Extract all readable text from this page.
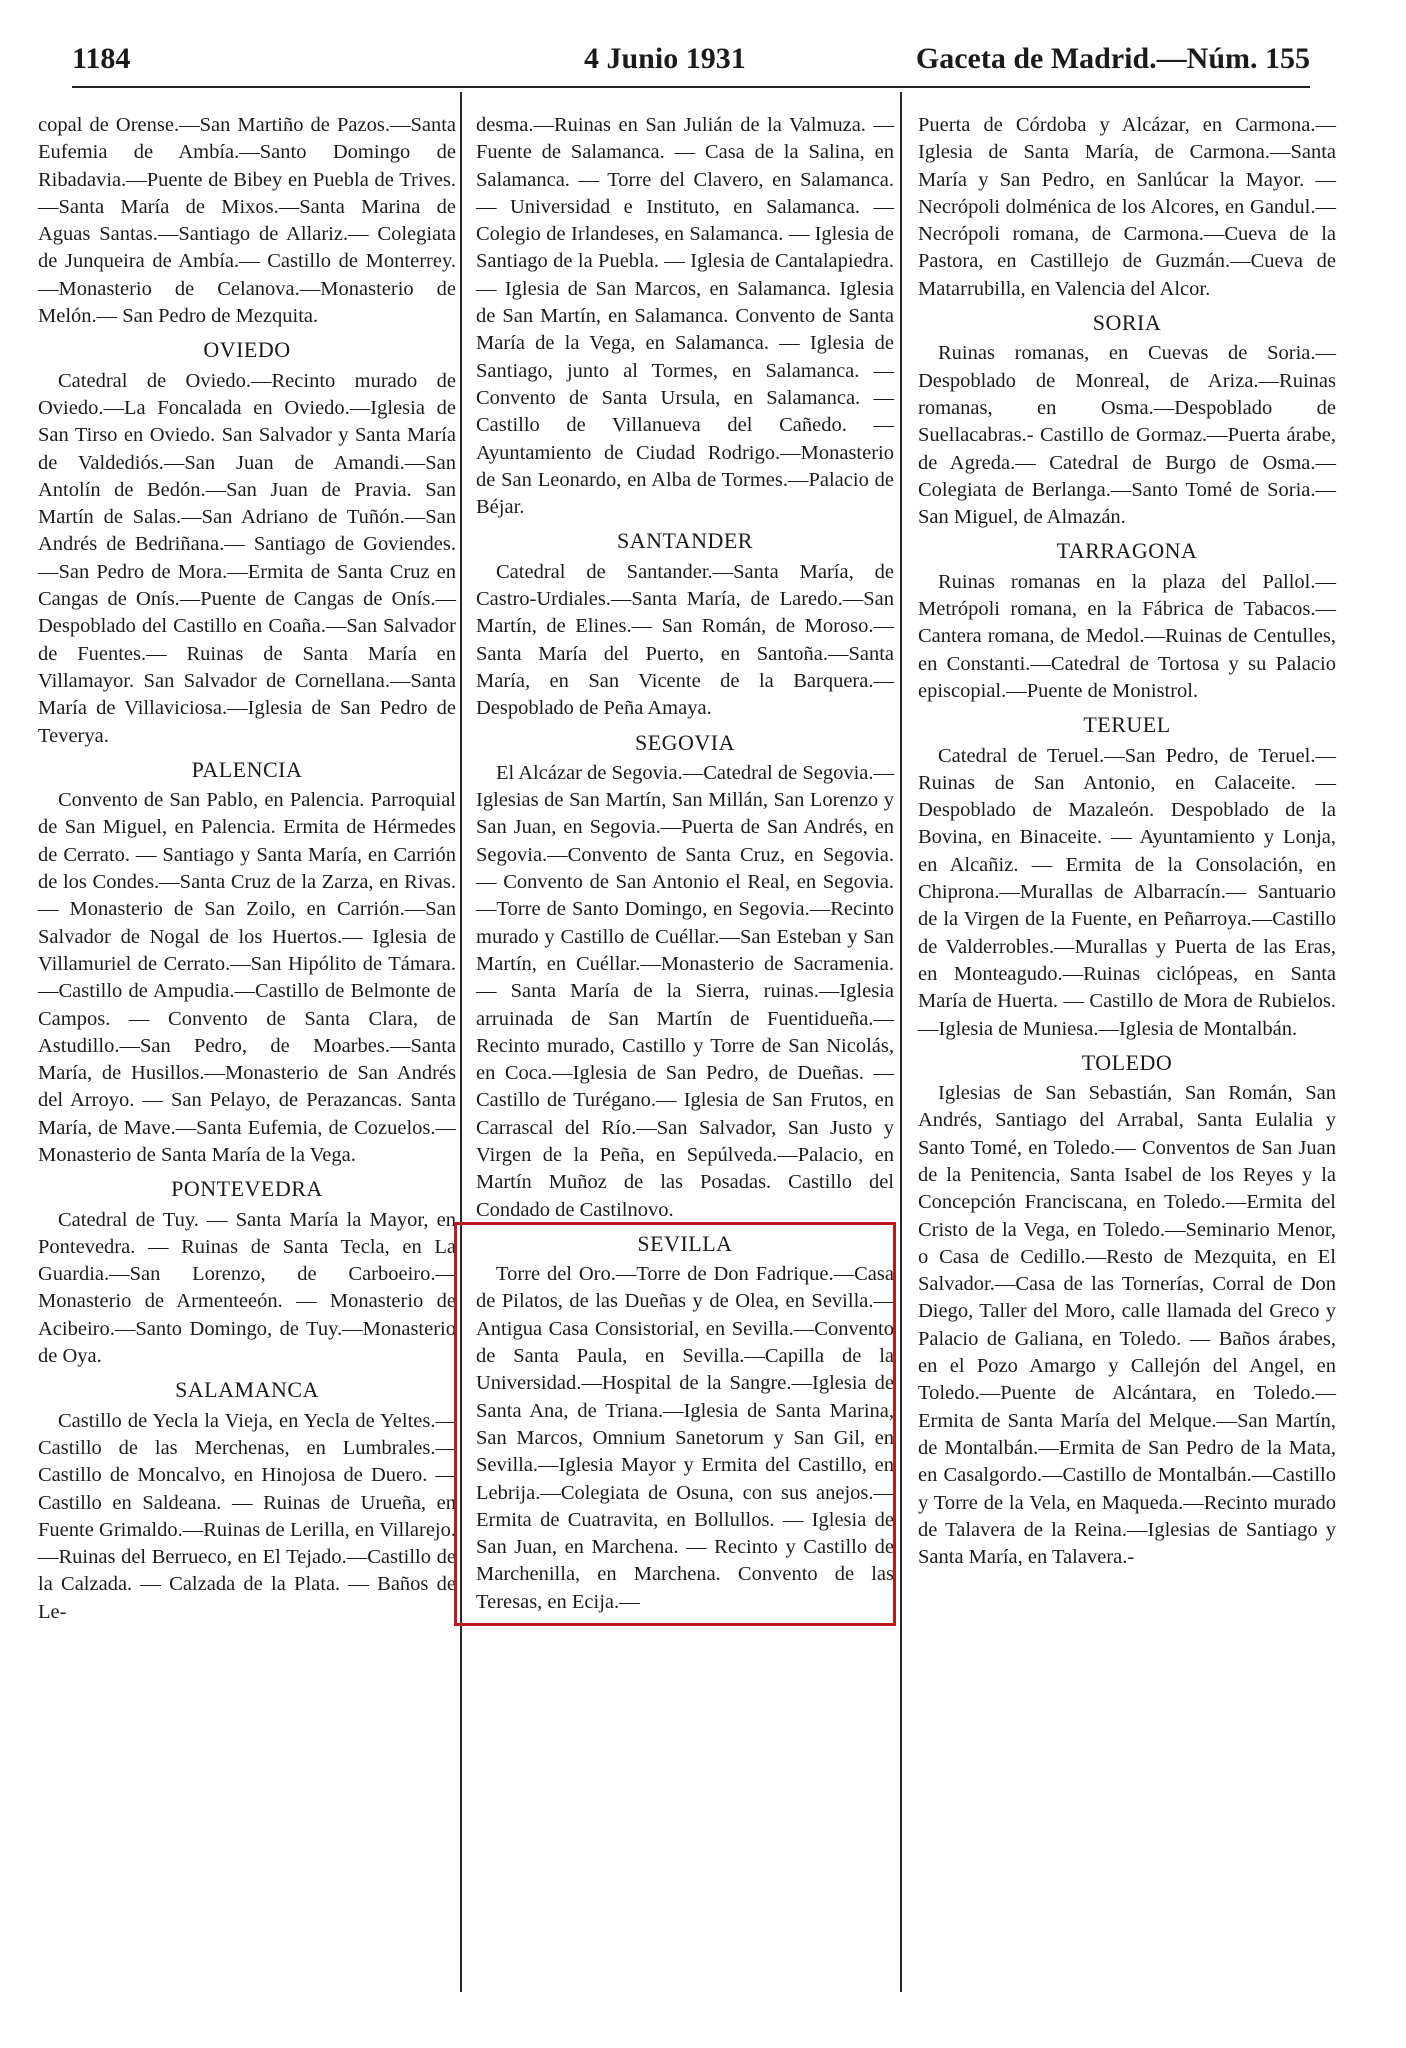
1184	4 Junio 1931	Gaceta de Madrid.—Núm. 155
copal de Orense.—San Martiño de Pazos.—Santa Eufemia de Ambía.—Santo Domingo de Ribadavia.—Puente de Bibey en Puebla de Trives.—Santa María de Mixos.—Santa Marina de Aguas Santas.—Santiago de Allariz.— Colegiata de Junqueira de Ambía.— Castillo de Monterrey.—Monasterio de Celanova.—Monasterio de Melón.— San Pedro de Mezquita.
OVIEDO
Catedral de Oviedo.—Recinto murado de Oviedo.—La Foncalada en Oviedo.—Iglesia de San Tirso en Oviedo. San Salvador y Santa María de Valdediós.—San Juan de Amandi.—San Antolín de Bedón.—San Juan de Pravia. San Martín de Salas.—San Adriano de Tuñón.—San Andrés de Bedriñana.— Santiago de Goviendes.—San Pedro de Mora.—Ermita de Santa Cruz en Cangas de Onís.—Puente de Cangas de Onís.—Despoblado del Castillo en Coaña.—San Salvador de Fuentes.— Ruinas de Santa María en Villamayor. San Salvador de Cornellana.—Santa María de Villaviciosa.—Iglesia de San Pedro de Teverya.
PALENCIA
Convento de San Pablo, en Palencia. Parroquial de San Miguel, en Palencia. Ermita de Hérmedes de Cerrato. — Santiago y Santa María, en Carrión de los Condes.—Santa Cruz de la Zarza, en Rivas.— Monasterio de San Zoilo, en Carrión.—San Salvador de Nogal de los Huertos.— Iglesia de Villamuriel de Cerrato.—San Hipólito de Támara.—Castillo de Ampudia.—Castillo de Belmonte de Campos. — Convento de Santa Clara, de Astudillo.—San Pedro, de Moarbes.—Santa María, de Husillos.—Monasterio de San Andrés del Arroyo. — San Pelayo, de Perazancas. Santa María, de Mave.—Santa Eufemia, de Cozuelos.—Monasterio de Santa María de la Vega.
PONTEVEDRA
Catedral de Tuy. — Santa María la Mayor, en Pontevedra. — Ruinas de Santa Tecla, en La Guardia.—San Lorenzo, de Carboeiro.— Monasterio de Armenteeón. — Monasterio de Acibeiro.—Santo Domingo, de Tuy.—Monasterio de Oya.
SALAMANCA
Castillo de Yecla la Vieja, en Yecla de Yeltes.—Castillo de las Merchenas, en Lumbrales.—Castillo de Moncalvo, en Hinojosa de Duero. — Castillo en Saldeana. — Ruinas de Urueña, en Fuente Grimaldo.—Ruinas de Lerilla, en Villarejo.—Ruinas del Berrueco, en El Tejado.—Castillo de la Calzada. — Calzada de la Plata. — Baños de Le-
desma.—Ruinas en San Julián de la Valmuza. — Fuente de Salamanca. — Casa de la Salina, en Salamanca. — Torre del Clavero, en Salamanca. — Universidad e Instituto, en Salamanca. — Colegio de Irlandeses, en Salamanca. — Iglesia de Santiago de la Puebla. — Iglesia de Cantalapiedra. — Iglesia de San Marcos, en Salamanca. Iglesia de San Martín, en Salamanca. Convento de Santa María de la Vega, en Salamanca. — Iglesia de Santiago, junto al Tormes, en Salamanca. — Convento de Santa Ursula, en Salamanca. — Castillo de Villanueva del Cañedo. — Ayuntamiento de Ciudad Rodrigo.—Monasterio de San Leonardo, en Alba de Tormes.—Palacio de Béjar.
SANTANDER
Catedral de Santander.—Santa María, de Castro-Urdiales.—Santa María, de Laredo.—San Martín, de Elines.— San Román, de Moroso.—Santa María del Puerto, en Santoña.—Santa María, en San Vicente de la Barquera.—Despoblado de Peña Amaya.
SEGOVIA
El Alcázar de Segovia.—Catedral de Segovia.—Iglesias de San Martín, San Millán, San Lorenzo y San Juan, en Segovia.—Puerta de San Andrés, en Segovia.—Convento de Santa Cruz, en Segovia. — Convento de San Antonio el Real, en Segovia.—Torre de Santo Domingo, en Segovia.—Recinto murado y Castillo de Cuéllar.—San Esteban y San Martín, en Cuéllar.—Monasterio de Sacramenia. — Santa María de la Sierra, ruinas.—Iglesia arruinada de San Martín de Fuentidueña.—Recinto murado, Castillo y Torre de San Nicolás, en Coca.—Iglesia de San Pedro, de Dueñas. — Castillo de Turégano.— Iglesia de San Frutos, en Carrascal del Río.—San Salvador, San Justo y Virgen de la Peña, en Sepúlveda.—Palacio, en Martín Muñoz de las Posadas. Castillo del Condado de Castilnovo.
SEVILLA
Torre del Oro.—Torre de Don Fadrique.—Casa de Pilatos, de las Dueñas y de Olea, en Sevilla.—Antigua Casa Consistorial, en Sevilla.—Convento de Santa Paula, en Sevilla.—Capilla de la Universidad.—Hospital de la Sangre.—Iglesia de Santa Ana, de Triana.—Iglesia de Santa Marina, San Marcos, Omnium Sanetorum y San Gil, en Sevilla.—Iglesia Mayor y Ermita del Castillo, en Lebrija.—Colegiata de Osuna, con sus anejos.—Ermita de Cuatravita, en Bollullos. — Iglesia de San Juan, en Marchena. — Recinto y Castillo de Marchenilla, en Marchena. Convento de las Teresas, en Ecija.—
Puerta de Córdoba y Alcázar, en Carmona.—Iglesia de Santa María, de Carmona.—Santa María y San Pedro, en Sanlúcar la Mayor. — Necrópoli dolménica de los Alcores, en Gandul.— Necrópoli romana, de Carmona.—Cueva de la Pastora, en Castillejo de Guzmán.—Cueva de Matarrubilla, en Valencia del Alcor.
SORIA
Ruinas romanas, en Cuevas de Soria.—Despoblado de Monreal, de Ariza.—Ruinas romanas, en Osma.—Despoblado de Suellacabras.- Castillo de Gormaz.—Puerta árabe, de Agreda.— Catedral de Burgo de Osma.—Colegiata de Berlanga.—Santo Tomé de Soria.—San Miguel, de Almazán.
TARRAGONA
Ruinas romanas en la plaza del Pallol.—Metrópoli romana, en la Fábrica de Tabacos.—Cantera romana, de Medol.—Ruinas de Centulles, en Constanti.—Catedral de Tortosa y su Palacio episcopial.—Puente de Monistrol.
TERUEL
Catedral de Teruel.—San Pedro, de Teruel.—Ruinas de San Antonio, en Calaceite. — Despoblado de Mazaleón. Despoblado de la Bovina, en Binaceite. — Ayuntamiento y Lonja, en Alcañiz. — Ermita de la Consolación, en Chiprona.—Murallas de Albarracín.— Santuario de la Virgen de la Fuente, en Peñarroya.—Castillo de Valderrobles.—Murallas y Puerta de las Eras, en Monteagudo.—Ruinas ciclópeas, en Santa María de Huerta. — Castillo de Mora de Rubielos.—Iglesia de Muniesa.—Iglesia de Montalbán.
TOLEDO
Iglesias de San Sebastián, San Román, San Andrés, Santiago del Arrabal, Santa Eulalia y Santo Tomé, en Toledo.— Conventos de San Juan de la Penitencia, Santa Isabel de los Reyes y la Concepción Franciscana, en Toledo.—Ermita del Cristo de la Vega, en Toledo.—Seminario Menor, o Casa de Cedillo.—Resto de Mezquita, en El Salvador.—Casa de las Tornerías, Corral de Don Diego, Taller del Moro, calle llamada del Greco y Palacio de Galiana, en Toledo. — Baños árabes, en el Pozo Amargo y Callejón del Angel, en Toledo.—Puente de Alcántara, en Toledo.—Ermita de Santa María del Melque.—San Martín, de Montalbán.—Ermita de San Pedro de la Mata, en Casalgordo.—Castillo de Montalbán.—Castillo y Torre de la Vela, en Maqueda.—Recinto murado de Talavera de la Reina.—Iglesias de Santiago y Santa María, en Talavera.-
